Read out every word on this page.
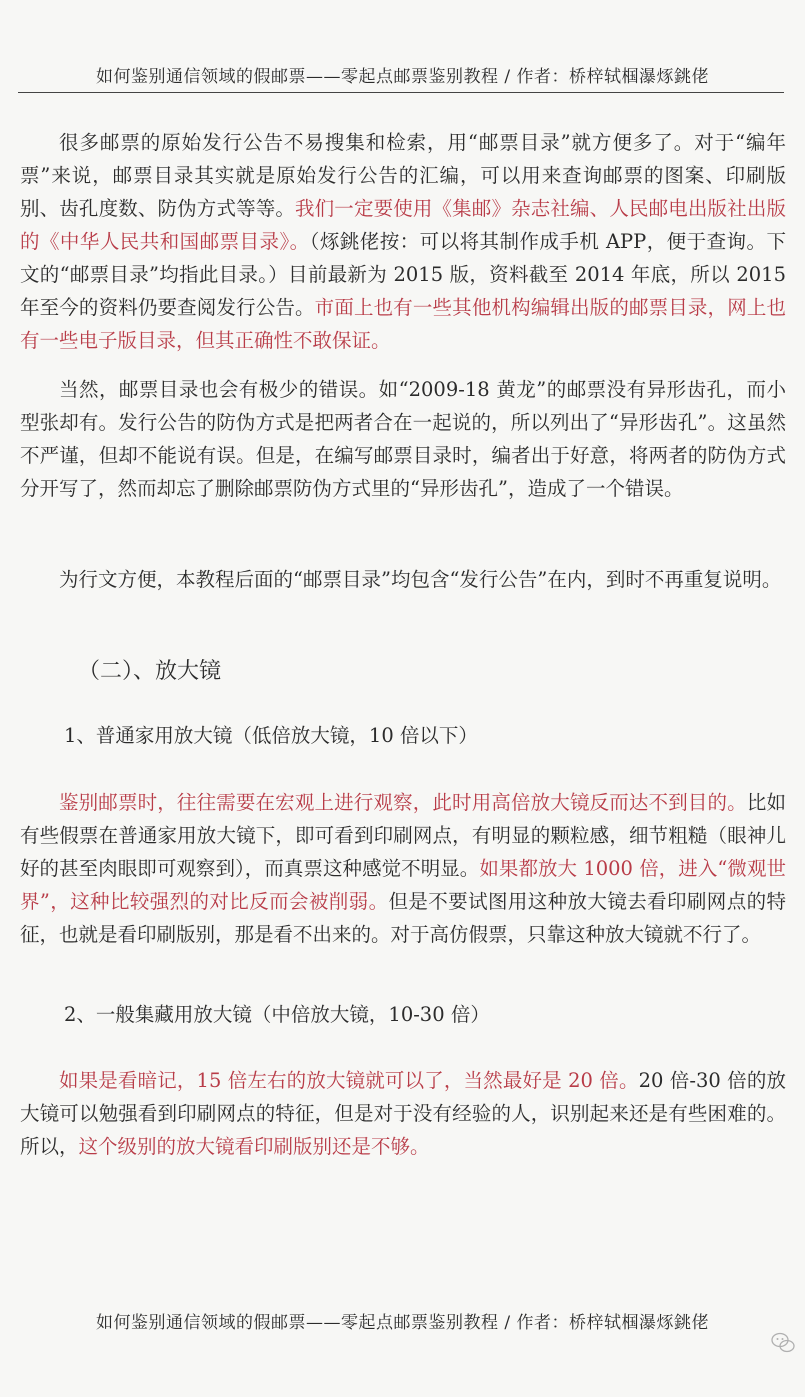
如何鉴别通信领域的假邮票——零起点邮票鉴别教程 / 作者：桥梓轼椢瀑烼銚佬
很多邮票的原始发行公告不易搜集和检索，用“邮票目录”就方便多了。对于“编年票”来说，邮票目录其实就是原始发行公告的汇编，可以用来查询邮票的图案、印刷版别、齿孔度数、防伪方式等等。我们一定要使用《集邮》杂志社编、人民邮电出版社出版的《中华人民共和国邮票目录》。（烼銚佬按：可以将其制作成手机 APP，便于查询。下文的“邮票目录”均指此目录。）目前最新为 2015 版，资料截至 2014 年底，所以 2015 年至今的资料仍要查阅发行公告。市面上也有一些其他机构编辑出版的邮票目录，网上也有一些电子版目录，但其正确性不敢保证。
当然，邮票目录也会有极少的错误。如“2009-18 黄龙”的邮票没有异形齿孔，而小型张却有。发行公告的防伪方式是把两者合在一起说的，所以列出了“异形齿孔”。这虽然不严谨，但却不能说有误。但是，在编写邮票目录时，编者出于好意，将两者的防伪方式分开写了，然而却忘了删除邮票防伪方式里的“异形齿孔”，造成了一个错误。
为行文方便，本教程后面的“邮票目录”均包含“发行公告”在内，到时不再重复说明。
（二）、放大镜
1、普通家用放大镜（低倍放大镜，10 倍以下）
鉴别邮票时，往往需要在宏观上进行观察，此时用高倍放大镜反而达不到目的。比如有些假票在普通家用放大镜下，即可看到印刷网点，有明显的颗粒感，细节粗糙（眼神儿好的甚至肉眼即可观察到），而真票这种感觉不明显。如果都放大 1000 倍，进入“微观世界”，这种比较强烈的对比反而会被削弱。但是不要试图用这种放大镜去看印刷网点的特征，也就是看印刷版别，那是看不出来的。对于高仿假票，只靠这种放大镜就不行了。
2、一般集藏用放大镜（中倍放大镜，10-30 倍）
如果是看暗记，15 倍左右的放大镜就可以了，当然最好是 20 倍。20 倍-30 倍的放大镜可以勉强看到印刷网点的特征，但是对于没有经验的人，识别起来还是有些困难的。所以，这个级别的放大镜看印刷版别还是不够。
如何鉴别通信领域的假邮票——零起点邮票鉴别教程 / 作者：桥梓轼椢瀑烼銚佬
